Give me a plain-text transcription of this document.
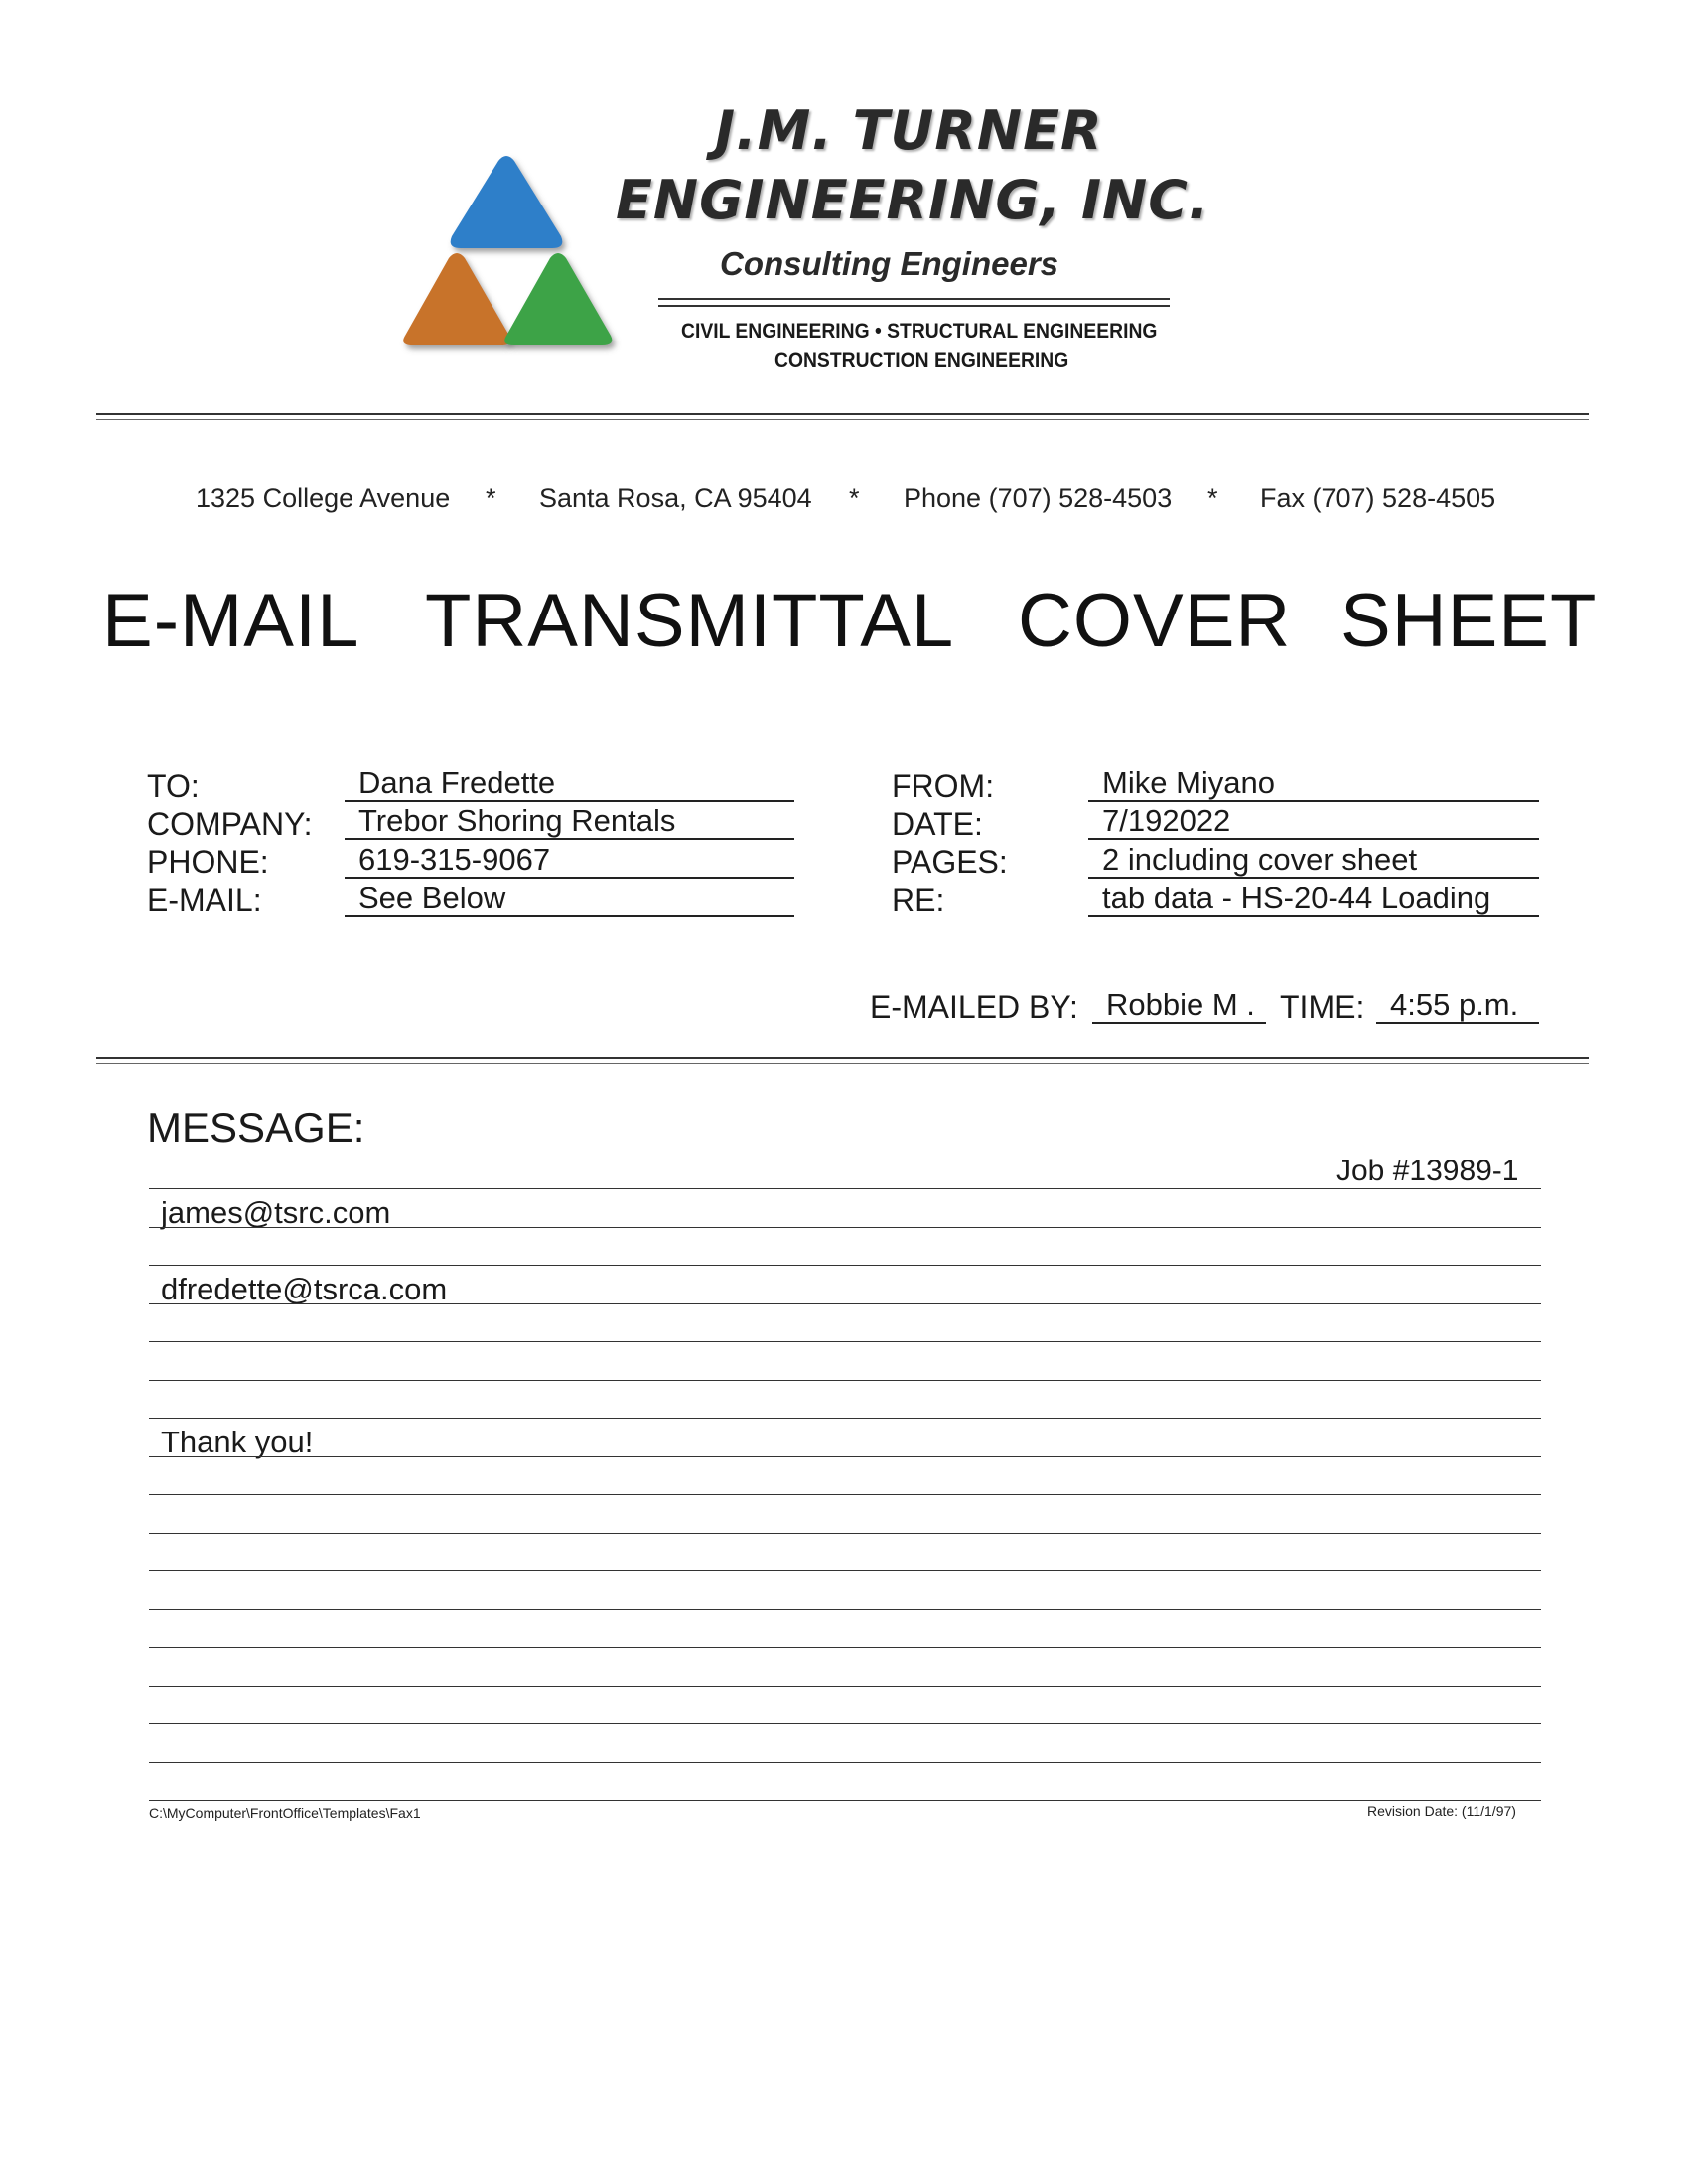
J.M. TURNER
ENGINEERING, INC.
Consulting Engineers
CIVIL ENGINEERING • STRUCTURAL ENGINEERING
CONSTRUCTION ENGINEERING
1325 College Avenue * Santa Rosa, CA 95404 * Phone (707) 528-4503 * Fax (707) 528-4505
E-MAIL TRANSMITTAL COVER SHEET
TO:	Dana Fredette
COMPANY:	Trebor Shoring Rentals
PHONE:	619-315-9067
E-MAIL:	See Below
FROM:	Mike Miyano
DATE:	7/192022
PAGES:	2 including cover sheet
RE:	tab data - HS-20-44 Loading
E-MAILED BY: Robbie M . TIME: 4:55 p.m.
MESSAGE:
Job #13989-1
james@tsrc.com
dfredette@tsrca.com
Thank you!
C:\MyComputer\FrontOffice\Templates\Fax1	Revision Date: (11/1/97)
